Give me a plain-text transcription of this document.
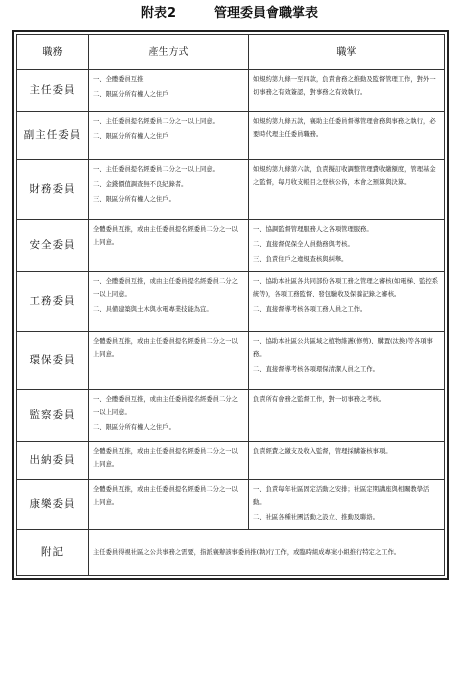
附表2	管理委員會職掌表
職務	產生方式	職掌
主任委員	一、全體委員互推
二、限區分所有權人之住戶	如規約第九條一至四款，負責會務之推動及監督管理工作，對外一切事務之有效簽認，對事務之有效執行。

副主任委員	一、主任委員提名經委員二分之一以上同意。
二、限區分所有權人之住戶	如規約第九條五款，襄助主任委員督導管理會務與事務之執行，必要時代理主任委員職務。

財務委員	一、主任委員提名經委員二分之一以上同意。
二、金錢價值調查無不良紀錄者。
三、限區分所有權人之住戶。	如規約第九條第六款，負責擬訂收調整管理費收繳額度，管理基金之監督，每月收支帳目之登核公佈，本會之預算與決算。

安全委員	全體委員互推，或由主任委員提名經委員二分之一以上同意。	一、協調監督管理服務人之各項管理服務。
二、直接督促保全人員勤務與考核。
三、負責住戶之違規查核與糾舉。

工務委員	一、全體委員互推，或由主任委員提名經委員二分之一以上同意。
二、具備建築與土木與水電專業技能為宜。	一、協助本社區各共同部份各項工務之管理之審核(如電梯、監控系統等)，各項工務監督、發包驗收及保養記錄之審核。
二、直接督導考核各項工務人員之工作。

環保委員	全體委員互推，或由主任委員提名經委員二分之一以上同意。	一、協助本社區公共區域之植物維護(修剪)、購置(汰換)等各項事務。
二、直接督導考核各項環保清潔人員之工作。

監察委員	一、全體委員互推，或由主任委員提名經委員二分之一以上同意。
二、限區分所有權人之住戶。	負責所有會務之監督工作，對一切事務之考核。

出納委員	全體委員互推，或由主任委員提名經委員二分之一以上同意。	負責經費之繳支及收入監督，管理採購簽核事項。

康樂委員	全體委員互推，或由主任委員提名經委員二分之一以上同意。	一、負責每年社區固定活動之安排；社區定期講座與相關教學活動。
二、社區各種社團活動之設立、推動及聯絡。

附記	主任委員得視社區之公共事務之需要，指派襄辦該事委員推(執)行工作，或臨時組成專案小組推行特定之工作。	
